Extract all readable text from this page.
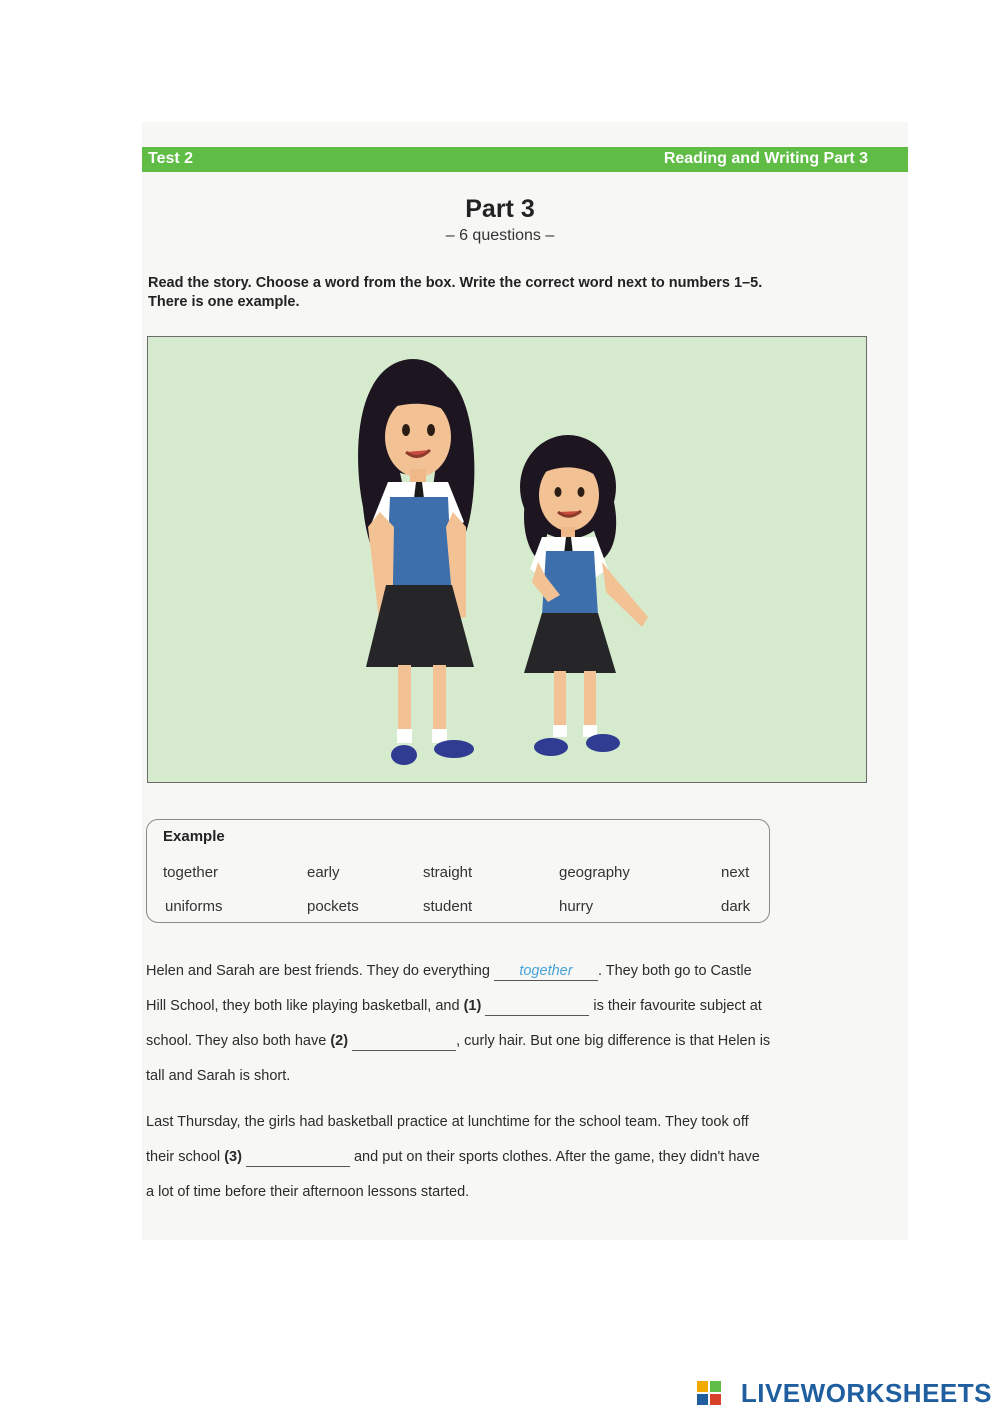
Test 2	Reading and Writing Part 3
Part 3
– 6 questions –
Read the story. Choose a word from the box. Write the correct word next to numbers 1–5.
There is one example.
Example
together	early	straight	geography	next
uniforms	pockets	student	hurry	dark
Helen and Sarah are best friends. They do everything together . They both go to Castle
Hill School, they both like playing basketball, and (1)	is their favourite subject at
school. They also both have (2)	, curly hair. But one big difference is that Helen is
tall and Sarah is short.
Last Thursday, the girls had basketball practice at lunchtime for the school team. They took off
their school (3)	and put on their sports clothes. After the game, they didn't have
a lot of time before their afternoon lessons started.
LIVEWORKSHEETS
